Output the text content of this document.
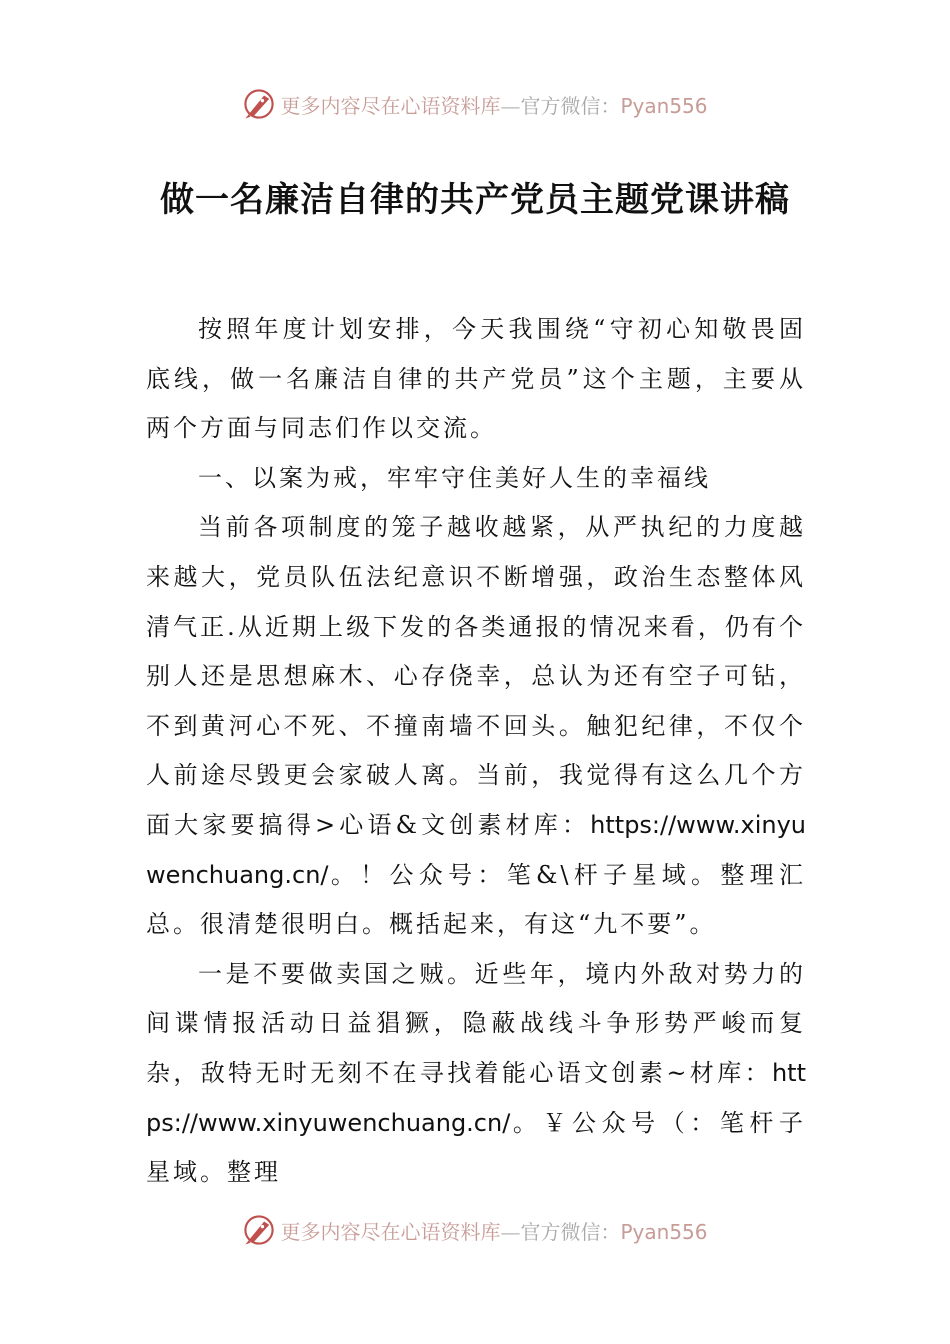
更多内容尽在心语资料库—官方微信：Pyan556
做一名廉洁自律的共产党员主题党课讲稿

按照年度计划安排，今天我围绕“守初心知敬畏固底线，做一名廉洁自律的共产党员”这个主题，主要从两个方面与同志们作以交流。

一、以案为戒，牢牢守住美好人生的幸福线

当前各项制度的笼子越收越紧，从严执纪的力度越来越大，党员队伍法纪意识不断增强，政治生态整体风清气正.从近期上级下发的各类通报的情况来看，仍有个别人还是思想麻木、心存侥幸，总认为还有空子可钻，不到黄河心不死、不撞南墙不回头。触犯纪律，不仅个人前途尽毁更会家破人离。当前，我觉得有这么几个方面大家要搞得>心语&文创素材库：https://www.xinyuwenchuang.cn/。！公众号：笔&\杆子星域。整理汇总。很清楚很明白。概括起来，有这“九不要”。

一是不要做卖国之贼。近些年，境内外敌对势力的间谍情报活动日益猖獗，隐蔽战线斗争形势严峻而复杂，敌特无时无刻不在寻找着能心语文创素~材库：https://www.xinyuwenchuang.cn/。￥公众号（：笔杆子星域。整理

更多内容尽在心语资料库—官方微信：Pyan556
